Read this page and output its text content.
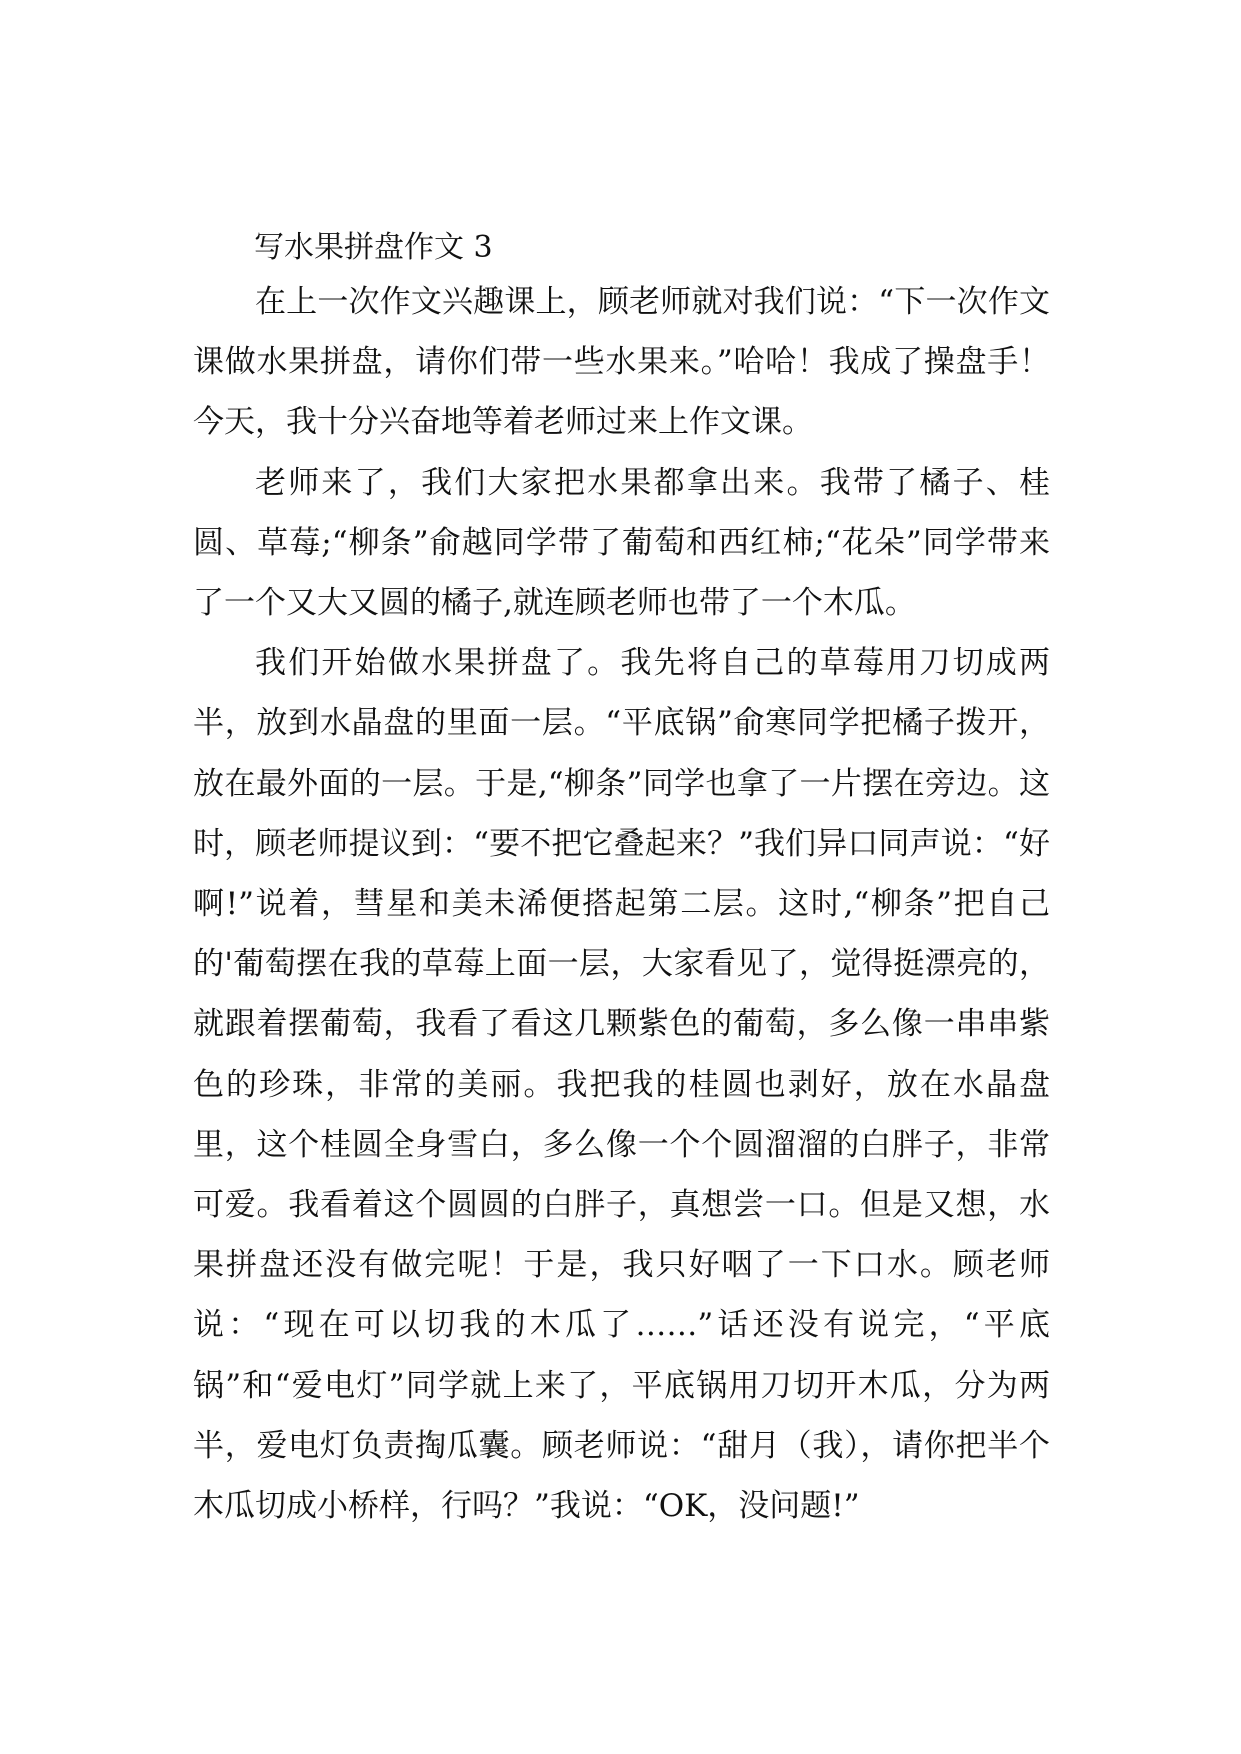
写水果拼盘作文 3

在上一次作文兴趣课上，顾老师就对我们说：“下一次作文课做水果拼盘，请你们带一些水果来。”哈哈！我成了操盘手！今天，我十分兴奋地等着老师过来上作文课。

老师来了，我们大家把水果都拿出来。我带了橘子、桂圆、草莓;“柳条”俞越同学带了葡萄和西红柿;“花朵”同学带来了一个又大又圆的橘子,就连顾老师也带了一个木瓜。

我们开始做水果拼盘了。我先将自己的草莓用刀切成两半，放到水晶盘的里面一层。“平底锅”俞寒同学把橘子拨开，放在最外面的一层。于是,“柳条”同学也拿了一片摆在旁边。这时，顾老师提议到：“要不把它叠起来？”我们异口同声说：“好啊!”说着，彗星和美未浠便搭起第二层。这时,“柳条”把自己的'葡萄摆在我的草莓上面一层，大家看见了，觉得挺漂亮的，就跟着摆葡萄，我看了看这几颗紫色的葡萄，多么像一串串紫色的珍珠，非常的美丽。我把我的桂圆也剥好，放在水晶盘里，这个桂圆全身雪白，多么像一个个圆溜溜的白胖子，非常可爱。我看着这个圆圆的白胖子，真想尝一口。但是又想，水果拼盘还没有做完呢！于是，我只好咽了一下口水。顾老师说：“现在可以切我的木瓜了……”话还没有说完，“平底锅”和“爱电灯”同学就上来了，平底锅用刀切开木瓜，分为两半，爱电灯负责掏瓜囊。顾老师说：“甜月（我），请你把半个木瓜切成小桥样，行吗？”我说：“OK，没问题!”
